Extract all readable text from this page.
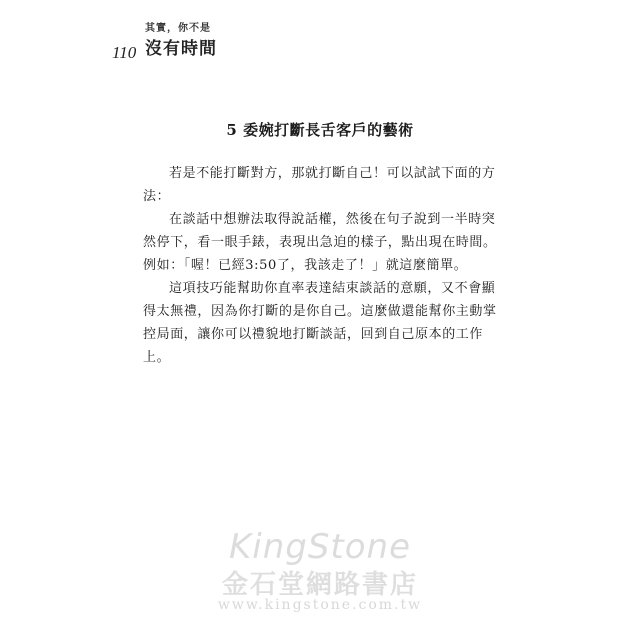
110
其實，你不是
沒有時間
5 委婉打斷長舌客戶的藝術

若是不能打斷對方，那就打斷自己！可以試試下面的方法：

在談話中想辦法取得說話權，然後在句子說到一半時突然停下，看一眼手錶，表現出急迫的樣子，點出現在時間。例如：「喔！已經3:50了，我該走了！」就這麼簡單。

這項技巧能幫助你直率表達結束談話的意願，又不會顯得太無禮，因為你打斷的是你自己。這麼做還能幫你主動掌控局面，讓你可以禮貌地打斷談話，回到自己原本的工作上。

KingStone
金石堂網路書店
www.kingstone.com.tw
